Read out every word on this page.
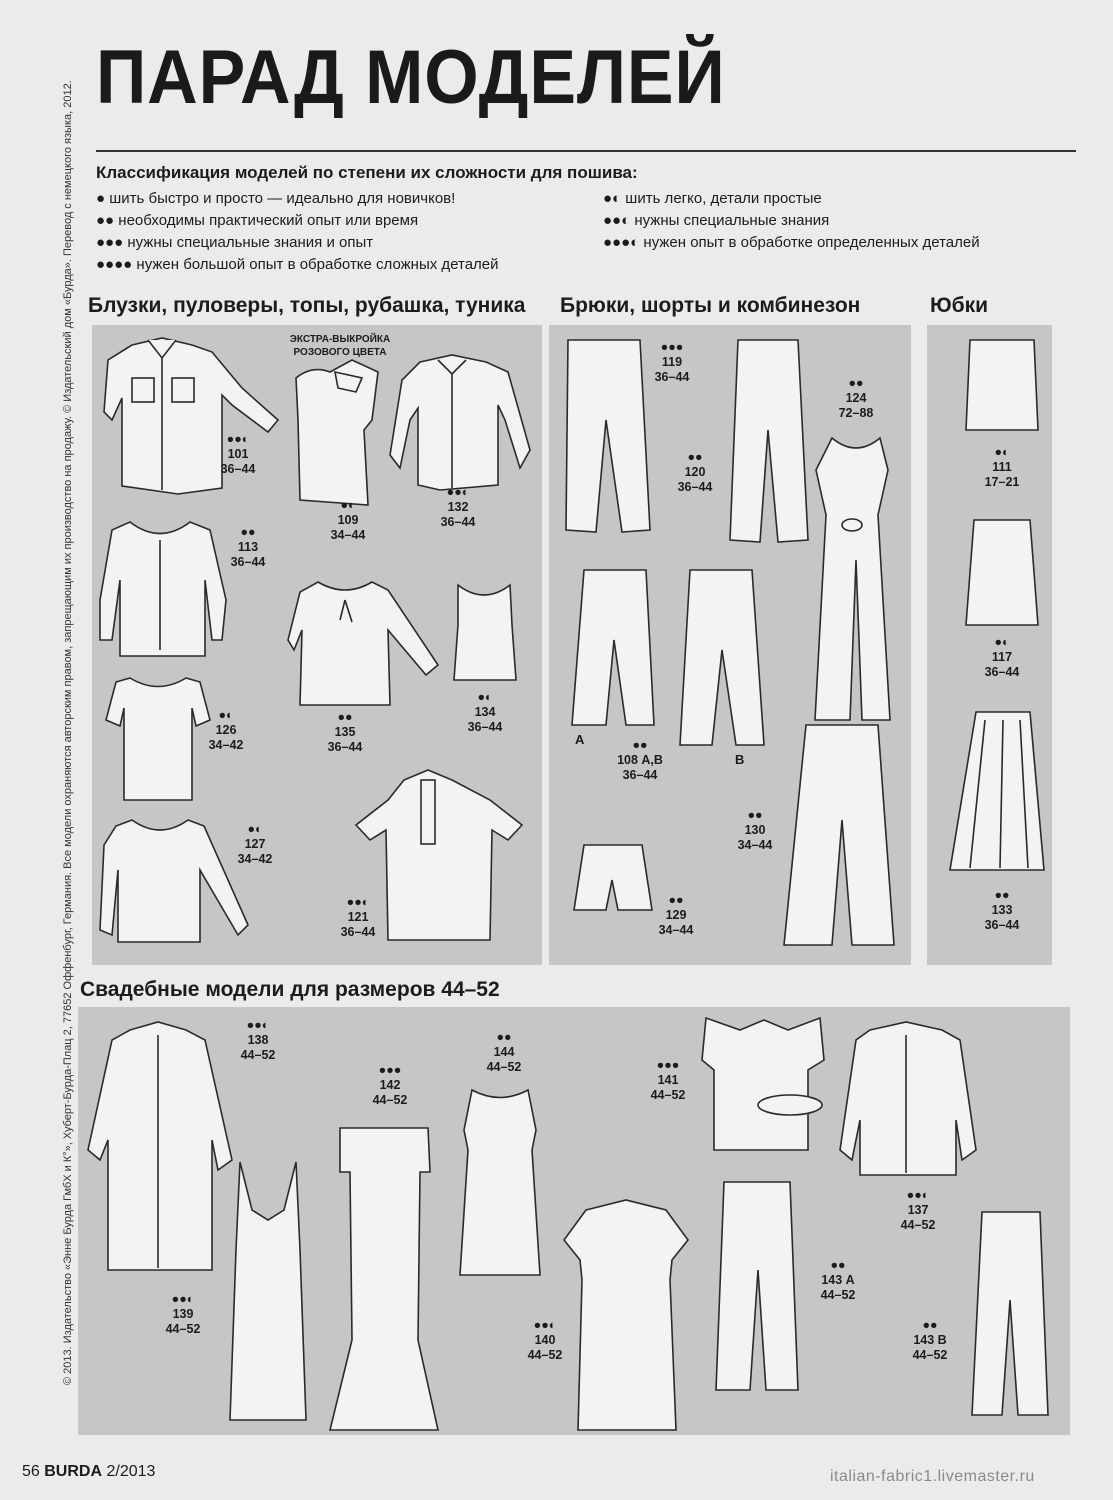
ПАРАД МОДЕЛЕЙ
Классификация моделей по степени их сложности для пошива:
● шить быстро и просто — идеально для новичков!
●● необходимы практический опыт или время
●●● нужны специальные знания и опыт
●●●● нужен большой опыт в обработке сложных деталей
●◐ шить легко, детали простые
●●◐ нужны специальные знания
●●●◐ нужен опыт в обработке определенных деталей
© 2013. Издательство «Энне Бурда ГмбХ и К°», Хуберт-Бурда-Плац 2, 77652 Оффенбург, Германия. Все модели охраняются авторским правом, запрещающим их производство на продажу. © Издательский дом «Бурда». Перевод с немецкого языка, 2012. Блузки, пуловеры, топы, рубашка, туника Брюки, шорты и комбинезон	Юбки
Свадебные модели для размеров 44–52
ЭКСТРА-ВЫКРОЙКА
РОЗОВОГО ЦВЕТА
А
В
●●◐
101
36–44
●◐
109
34–44
●●◐
132
36–44
●●
113
36–44
●◐
126
34–42
●●
135
36–44
●◐
134
36–44
●◐
127
34–42
●●◐
121
36–44
●●●
119
36–44
●●
120
36–44
●●
124
72–88
●●
108 А,В
36–44
●●
130
34–44
●●
129
34–44
●◐
111
17–21
●◐
117
36–44
●●
133
36–44
●●◐
138
44–52
●●●
142
44–52
●●
144
44–52	●●●
141
44–52
●●◐
137
44–52
●●◐
139
44–52	●●◐
140
44–52
●●
143 А
44–52
●●
143 В
44–52
56 BURDA 2/2013	italian-fabric1.livemaster.ru
